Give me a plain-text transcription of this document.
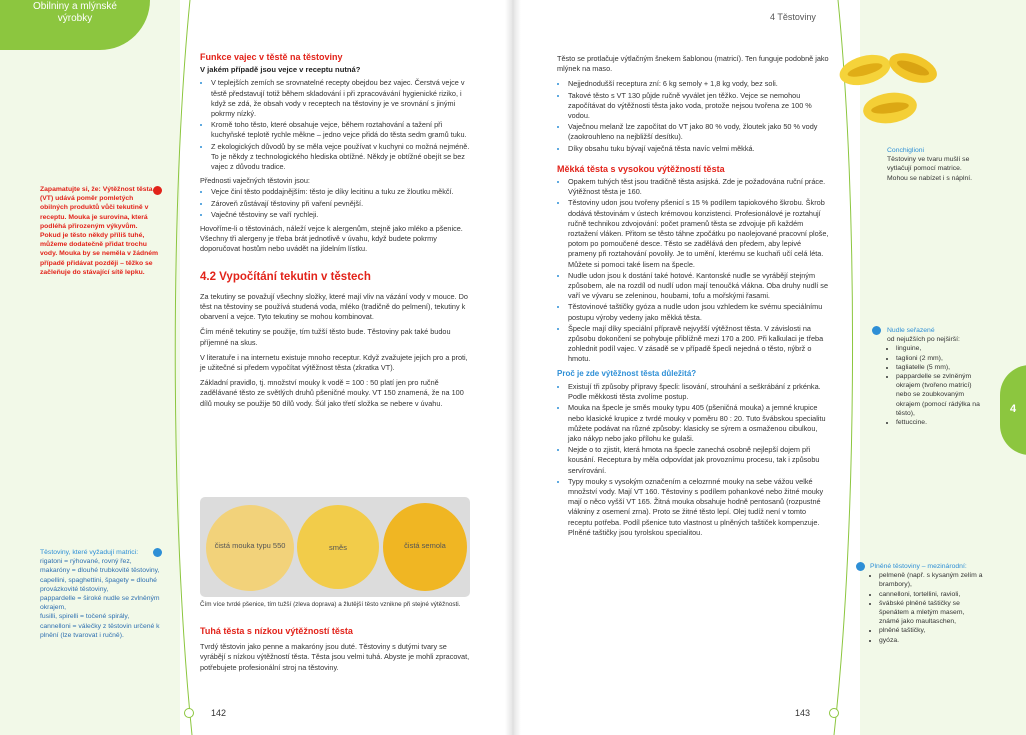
Obilniny a mlýnské
výrobky	4 Těstoviny
4
Zapamatujte si, že: Výtěžnost těsta (VT) udává poměr pomletých obilných produktů vůči tekutině v receptu. Mouka je surovina, která podléhá přirozeným výkyvům. Pokud je těsto někdy příliš tuhé, můžeme dodatečně přidat trochu vody. Mouka by se neměla v žádném případě přidávat později – těžko se začleňuje do stávající sítě lepku.
Těstoviny, které vyžadují matrici:
rigatoni = rýhované, rovný řez,
makaróny = dlouhé trubkovité těstoviny,
capellini, spaghettini, špagety = dlouhé provázkovité těstoviny,
pappardelle = široké nudle se zvlněným okrajem,
fusilli, spirelli = točené spirály,
cannelloni = válečky z těstovin určené k plnění (lze tvarovat i ručně).
Funkce vajec v těstě na těstoviny
V jakém případě jsou vejce v receptu nutná?
• V teplejších zemích se srovnatelné recepty obejdou bez vajec. Čerstvá vejce v těstě představují totiž během skladování i při zpracovávání hygienické riziko, i když se zdá, že obsah vody v receptech na těstoviny je ve srovnání s jinými pokrmy nízký.
• Kromě toho těsto, které obsahuje vejce, během roztahování a tažení při kuchyňské teplotě rychle měkne – jedno vejce přidá do těsta sedm gramů tuku.
• Z ekologických důvodů by se měla vejce používat v kuchyni co možná nejméně. To je někdy z technologického hlediska obtížné. Někdy je obtížné obejít se bez vajec z důvodu tradice.
Přednosti vaječných těstovin jsou:
• Vejce činí těsto poddajnějším: těsto je díky lecitinu a tuku ze žloutku měkčí.
• Zároveň zůstávají těstoviny při vaření pevnější.
• Vaječné těstoviny se vaří rychleji.

Hovoříme-li o těstovinách, náleží vejce k alergenům, stejně jako mléko a pšenice. Všechny tři alergeny je třeba brát jednotlivě v úvahu, když budete pokrmy doporučovat hostům nebo uvádět na jídelním lístku.

4.2 Vypočítání tekutin v těstech

Za tekutiny se považují všechny složky, které mají vliv na vázání vody v mouce. Do těst na těstoviny se používá studená voda, mléko (tradičně do pelmení), tekutiny k obarvení a vejce. Tyto tekutiny se mohou kombinovat.

Čím méně tekutiny se použije, tím tužší těsto bude. Těstoviny pak také budou příjemné na skus.

V literatuře i na internetu existuje mnoho receptur. Když zvažujete jejich pro a proti, je užitečné si předem vypočítat výtěžnost těsta (zkratka VT).

Základní pravidlo, tj. množství mouky k vodě = 100 : 50 platí jen pro ručně zadělávané těsto ze světlých druhů pšeničné mouky. VT 150 znamená, že na 100 dílů mouky se použije 50 dílů vody. Šúl jako třetí složka se nebere v úvahu.

čistá mouka typu 550	směs	čistá semola
Čím více tvrdé pšenice, tím tužší (zleva doprava) a žlutější těsto vznikne při stejné výtěžnosti.
Tuhá těsta s nízkou výtěžností těsta

Tvrdý těstovin jako penne a makaróny jsou duté. Těstoviny s dutými tvary se vyrábějí s nízkou výtěžností těsta. Těsta jsou velmi tuhá. Abyste je mohli zpracovat, potřebujete profesionální stroj na těstoviny.

142	143

Těsto se protlačuje výtlačným šnekem šablonou (matricí). Ten funguje podobně jako mlýnek na maso.

• Nejjednodušší receptura zní: 6 kg semoly + 1,8 kg vody, bez soli.
• Takové těsto s VT 130 půjde ručně vyválet jen těžko. Vejce se nemohou započítávat do výtěžnosti těsta jako voda, protože nejsou tvořena ze 100 % vodou.
• Vaječnou melanž lze započítat do VT jako 80 % vody, žloutek jako 50 % vody (zaokrouhleno na nejbližší desítku).
• Díky obsahu tuku bývají vaječná těsta navíc velmi měkká.
Měkká těsta s vysokou výtěžností těsta
• Opakem tuhých těst jsou tradičně těsta asijská. Zde je požadována ruční práce. Výtěžnost těsta je 160.
• Těstoviny udon jsou tvořeny pšenicí s 15 % podílem tapiokového škrobu. Škrob dodává těstovinám v ústech krémovou konzistenci. Profesionálové je roztahují ručně technikou zdvojování: počet pramenů těsta se zdvojuje při každém roztažení vláken. Přitom se těsto táhne zpočátku po naolejované pracovní ploše, potom po pomoučené desce. Těsto se zadělává den předem, aby lepivé prameny při roztahování povolily. Je to umění, kterému se kuchaři učí celá léta. Můžete si pomoci také lisem na špecle.
• Nudle udon jsou k dostání také hotové. Kantonské nudle se vyrábějí stejným způsobem, ale na rozdíl od nudlí udon mají tenoučká vlákna. Oba druhy nudlí se vaří ve vývaru se zeleninou, houbami, tofu a mořskými řasami.
• Těstovinové taštičky gyóza a nudle udon jsou vzhledem ke svému speciálnímu postupu výroby vedeny jako měkká těsta.
• Špecle mají díky speciální přípravě nejvyšší výtěžnost těsta. V závislosti na způsobu dokončení se pohybuje přibližně mezi 170 a 200. Při kalkulaci je třeba zohlednit podíl vajec. V zásadě se v případě špecli nejedná o těsto, nýbrž o hmotu.
Proč je zde výtěžnost těsta důležitá?
• Existují tři způsoby přípravy špecli: lisování, strouhání a seškrábání z prkénka. Podle měkkosti těsta zvolíme postup.
• Mouka na špecle je směs mouky typu 405 (pšeničná mouka) a jemné krupice nebo klasické krupice z tvrdé mouky v poměru 80 : 20. Tuto švábskou specialitu můžete podávat na různé způsoby: klasicky se sýrem a osmaženou cibulkou, jako nákyp nebo jako přílohu ke gulaši.
• Nejde o to zjistit, která hmota na špecle zanechá osobně nejlepší dojem při kousání. Receptura by měla odpovídat jak provoznímu procesu, tak i způsobu servírování.
• Typy mouky s vysokým označením a celozrnné mouky na sebe vážou velké množství vody. Mají VT 160. Těstoviny s podílem pohankové nebo žitné mouky mají o něco vyšší VT 165. Žitná mouka obsahuje hodně pentosanů (rozpustné vlákniny z osemení zrna). Proto se žitné těsto lepí. Olej tudíž není v tomto receptu potřeba. Podíl pšenice tuto vlastnost u plněných taštiček kompenzuje. Plněné taštičky jsou tyrolskou specialitou.
Conchiglioni
Těstoviny ve tvaru mušlí se vytlačují pomocí matrice. Mohou se nabízet i s náplní.
Nudle seřazené
od nejužších po nejširší:
• linguine,
• taglioni (2 mm),
• tagliatelle (5 mm),
• pappardelle se zvlněným okrajem (tvořeno matricí) nebo se zoubkovaným okrajem (pomocí rádýlka na těsto),
• fettuccine.
Plněné těstoviny – mezinárodní:
• pelmeně (např. s kysaným zelím a brambory),
• cannelloni, tortellini, ravioli,
• švábské plněné taštičky se špenátem a mletým masem, známé jako maultaschen,
• plněné taštičky,
• gyóza.
